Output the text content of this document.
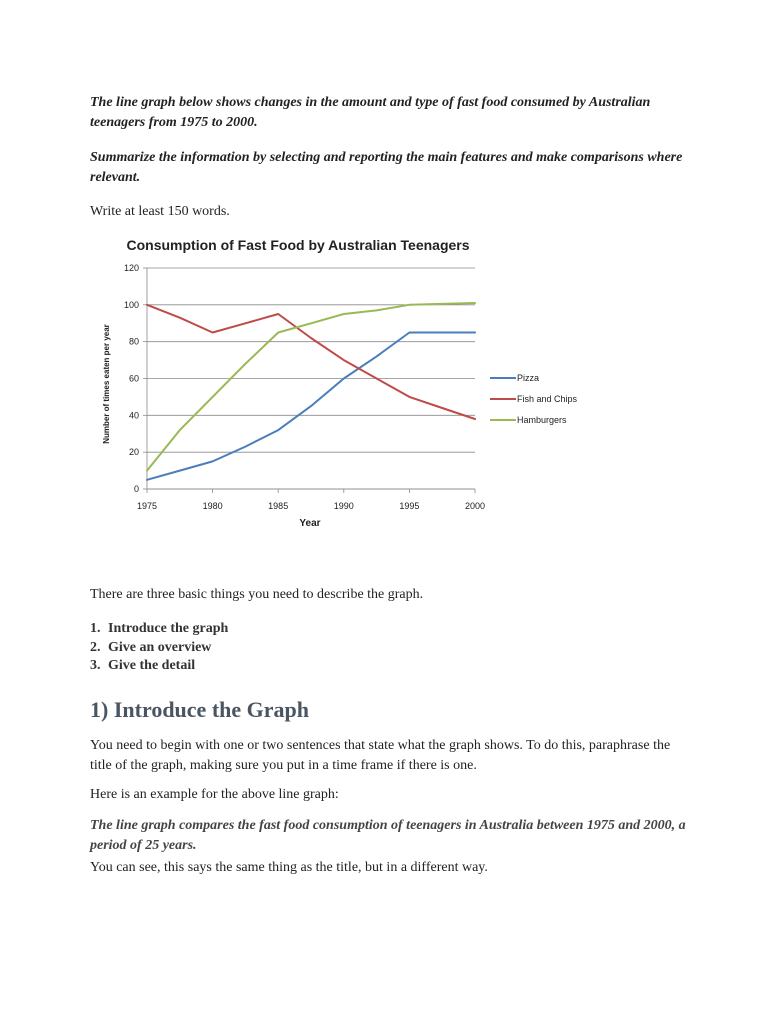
The line graph below shows changes in the amount and type of fast food consumed by Australian teenagers from 1975 to 2000.

Summarize the information by selecting and reporting the main features and make comparisons where relevant.

Write at least 150 words.

Consumption of Fast Food by Australian Teenagers
0
20
40
60
80
100
120
1975	1980	1985	1990	1995	2000
Pizza
Fish and Chips
Hamburgers
Year
Number of times eaten per year

There are three basic things you need to describe the graph.

1. Introduce the graph
2. Give an overview
3. Give the detail
1) Introduce the Graph

You need to begin with one or two sentences that state what the graph shows. To do this, paraphrase the title of the graph, making sure you put in a time frame if there is one.

Here is an example for the above line graph:

The line graph compares the fast food consumption of teenagers in Australia between 1975 and 2000, a period of 25 years.

You can see, this says the same thing as the title, but in a different way.
